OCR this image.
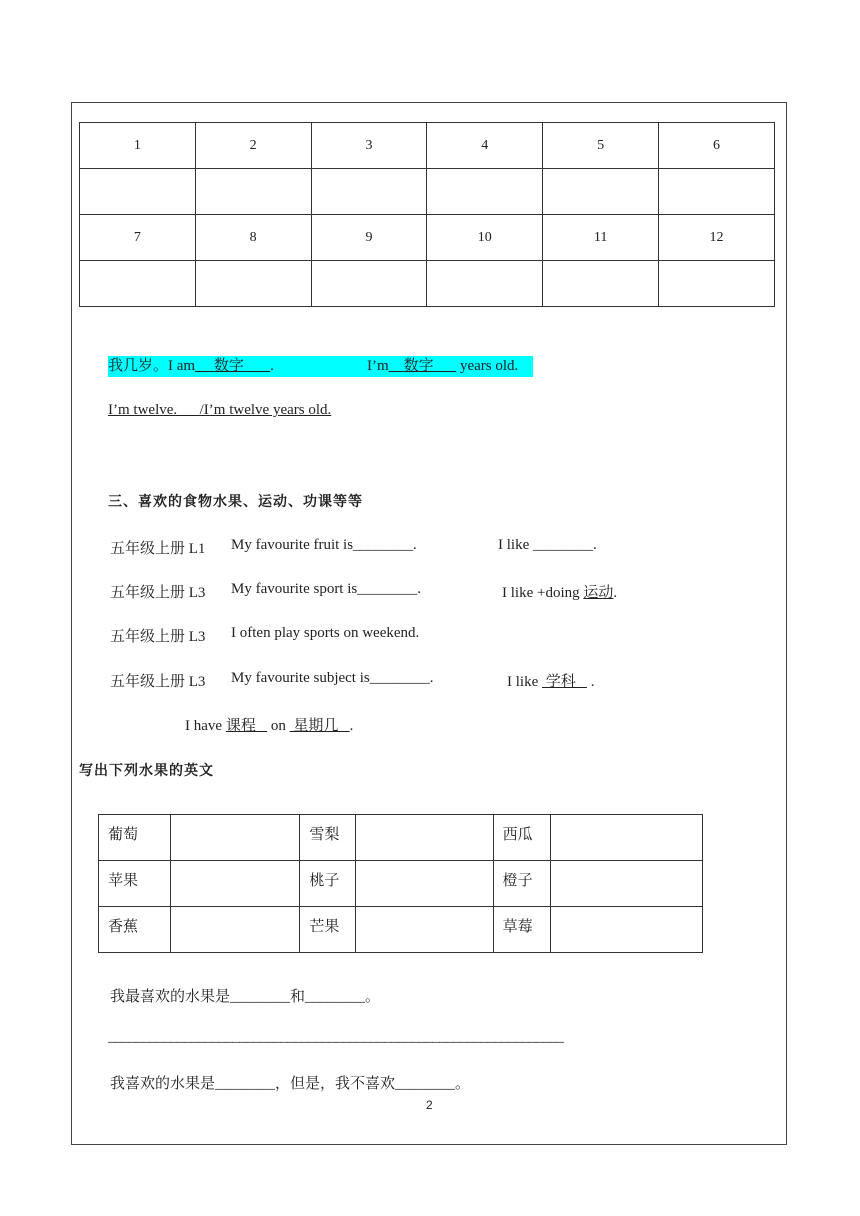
1	2	3	4	5	6

7	8	9	10	11	12

我几岁。I am 数字 .	I’m 数字 years old.
I’m twelve.      /I’m twelve years old.
三、喜欢的食物水果、运动、功课等等
五年级上册 L1 My favourite fruit is________.	I like ________.
五年级上册 L3 My favourite sport is________.	I like +doing 运动.
五年级上册 L3 I often play sports on weekend.
五年级上册 L3 My favourite subject is________.	I like  学科    .
I have 课程    on  星期几   .
写出下列水果的英文
葡萄		雪梨		西瓜	
苹果		桃子		橙子	
香蕉		芒果		草莓	
我最喜欢的水果是________和________。
__________________________________________________________________
我喜欢的水果是________，但是，我不喜欢________。
2
